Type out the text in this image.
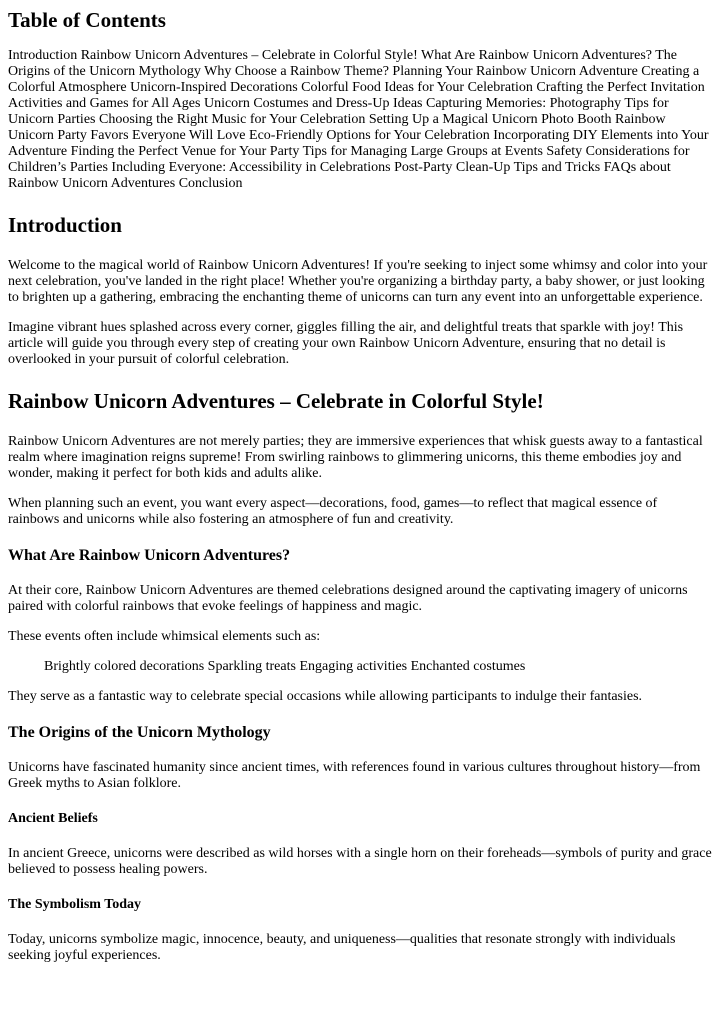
Table of Contents

Introduction Rainbow Unicorn Adventures – Celebrate in Colorful Style! What Are Rainbow Unicorn Adventures? The Origins of the Unicorn Mythology Why Choose a Rainbow Theme? Planning Your Rainbow Unicorn Adventure Creating a Colorful Atmosphere Unicorn-Inspired Decorations Colorful Food Ideas for Your Celebration Crafting the Perfect Invitation Activities and Games for All Ages Unicorn Costumes and Dress-Up Ideas Capturing Memories: Photography Tips for Unicorn Parties Choosing the Right Music for Your Celebration Setting Up a Magical Unicorn Photo Booth Rainbow Unicorn Party Favors Everyone Will Love Eco-Friendly Options for Your Celebration Incorporating DIY Elements into Your Adventure Finding the Perfect Venue for Your Party Tips for Managing Large Groups at Events Safety Considerations for Children’s Parties Including Everyone: Accessibility in Celebrations Post-Party Clean-Up Tips and Tricks FAQs about Rainbow Unicorn Adventures Conclusion

Introduction

Welcome to the magical world of Rainbow Unicorn Adventures! If you're seeking to inject some whimsy and color into your next celebration, you've landed in the right place! Whether you're organizing a birthday party, a baby shower, or just looking to brighten up a gathering, embracing the enchanting theme of unicorns can turn any event into an unforgettable experience.

Imagine vibrant hues splashed across every corner, giggles filling the air, and delightful treats that sparkle with joy! This article will guide you through every step of creating your own Rainbow Unicorn Adventure, ensuring that no detail is overlooked in your pursuit of colorful celebration.

Rainbow Unicorn Adventures – Celebrate in Colorful Style!

Rainbow Unicorn Adventures are not merely parties; they are immersive experiences that whisk guests away to a fantastical realm where imagination reigns supreme! From swirling rainbows to glimmering unicorns, this theme embodies joy and wonder, making it perfect for both kids and adults alike.

When planning such an event, you want every aspect—decorations, food, games—to reflect that magical essence of rainbows and unicorns while also fostering an atmosphere of fun and creativity.

What Are Rainbow Unicorn Adventures?

At their core, Rainbow Unicorn Adventures are themed celebrations designed around the captivating imagery of unicorns paired with colorful rainbows that evoke feelings of happiness and magic.

These events often include whimsical elements such as:

Brightly colored decorations Sparkling treats Engaging activities Enchanted costumes

They serve as a fantastic way to celebrate special occasions while allowing participants to indulge their fantasies.

The Origins of the Unicorn Mythology

Unicorns have fascinated humanity since ancient times, with references found in various cultures throughout history—from Greek myths to Asian folklore.

Ancient Beliefs

In ancient Greece, unicorns were described as wild horses with a single horn on their foreheads—symbols of purity and grace believed to possess healing powers.

The Symbolism Today

Today, unicorns symbolize magic, innocence, beauty, and uniqueness—qualities that resonate strongly with individuals seeking joyful experiences.
